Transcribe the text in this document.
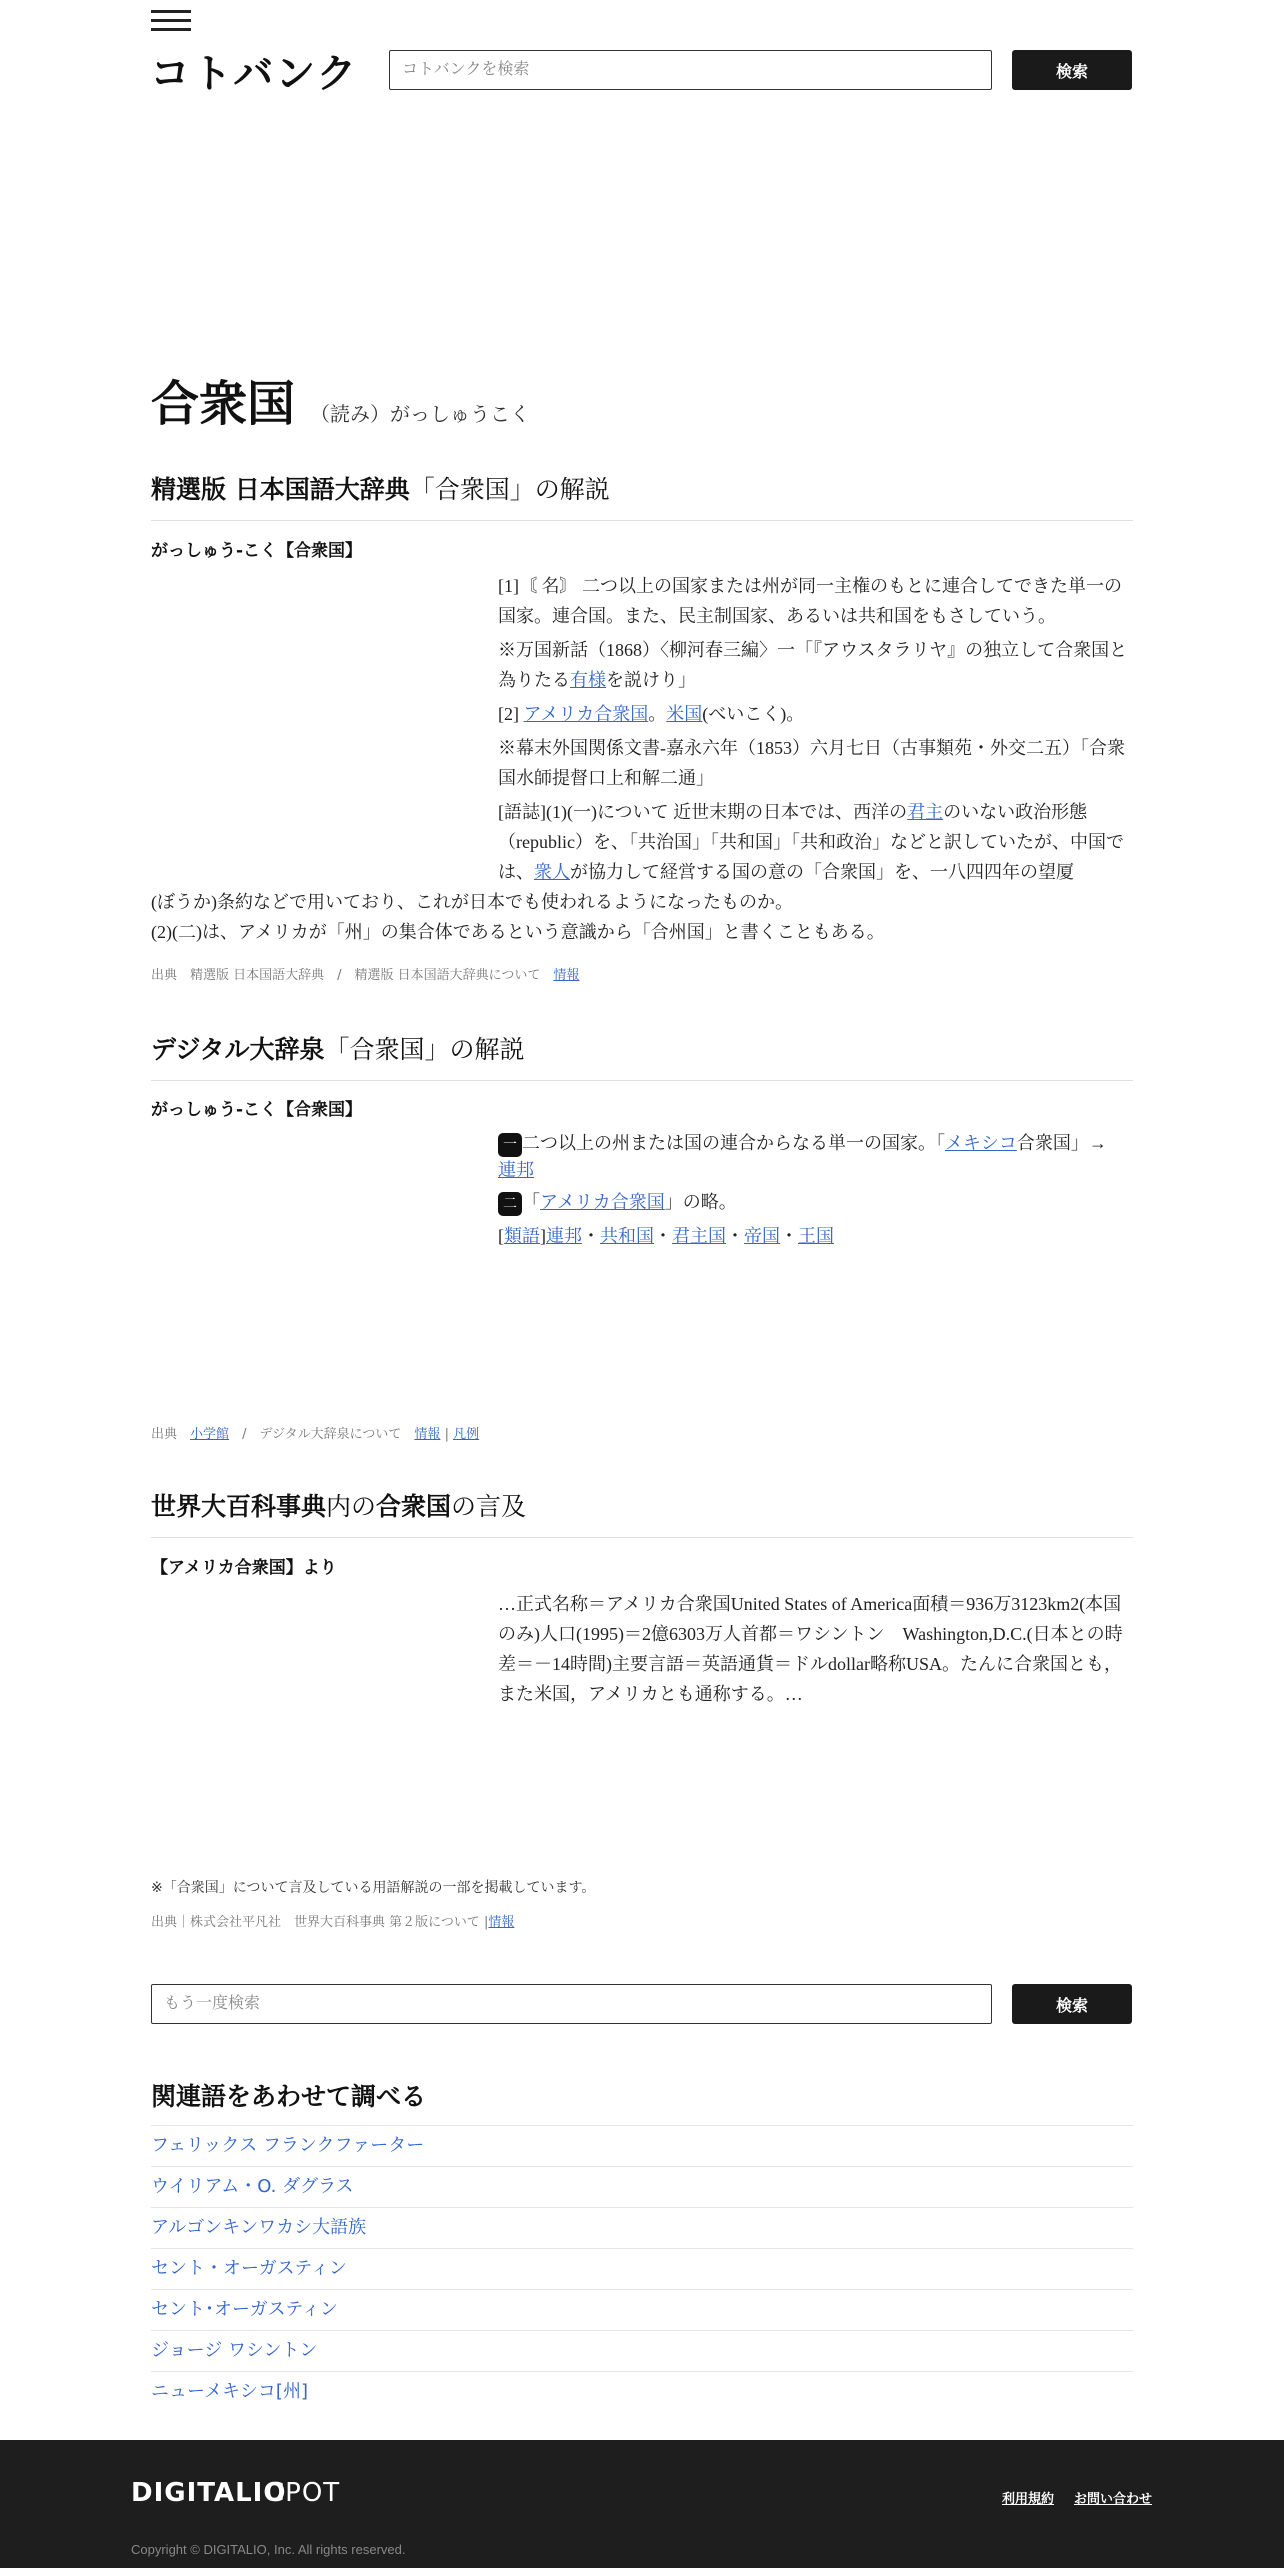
コトバンク
コトバンクを検索	検索
合衆国 （読み）がっしゅうこく
精選版 日本国語大辞典「合衆国」の解説
がっしゅう‐こく【合衆国】

[1]〘 名〙 二つ以上の国家または州が同一主権のもとに連合してできた単一の国家。連合国。また、民主制国家、あるいは共和国をもさしていう。

※万国新話（1868）〈柳河春三編〉一「『アウスタラリヤ』の独立して合衆国と為りたる有様を説けり」

[2] アメリカ合衆国。米国(べいこく)。

※幕末外国関係文書‐嘉永六年（1853）六月七日（古事類苑・外交二五）「合衆国水師提督口上和解二通」

[語誌](1)(一)について 近世末期の日本では、西洋の君主のいない政治形態（republic）を、「共治国」「共和国」「共和政治」などと訳していたが、中国では、衆人が協力して経営する国の意の「合衆国」を、一八四四年の望厦

(ぼうか)条約などで用いており、これが日本でも使われるようになったものか。

(2)(二)は、アメリカが「州」の集合体であるという意識から「合州国」と書くこともある。

出典　精選版 日本国語大辞典　/　精選版 日本国語大辞典について　 情報
デジタル大辞泉「合衆国」の解説
がっしゅう‐こく【合衆国】

一 二つ以上の州または国の連合からなる単一の国家。「メキシコ合衆国」→
連邦

二 「アメリカ合衆国」の略。

[類語]連邦・共和国・君主国・帝国・王国

出典　 小学館　 /　デジタル大辞泉について　 情報 | 凡例
世界大百科事典内の合衆国の言及
【アメリカ合衆国】より
…正式名称＝アメリカ合衆国United States of America面積＝936万3123km2(本国のみ)人口(1995)＝2億6303万人首都＝ワシントン　Washington,D.C.(日本との時差＝－14時間)主要言語＝英語通貨＝ドルdollar略称USA。たんに合衆国とも，また米国，アメリカとも通称する。…
※「合衆国」について言及している用語解説の一部を掲載しています。
出典｜株式会社平凡社　世界大百科事典 第２版について |情報
もう一度検索
検索
関連語をあわせて調べる
フェリックス フランクファーター
ウイリアム・O. ダグラス
アルゴンキンワカシ大語族
セント・オーガスティン
セント･オーガスティン
ジョージ ワシントン
ニューメキシコ[州]
DIGITALIO
CPOT	利用規約 お問い合わせ
Copyright © DIGITALIO, Inc. All rights reserved.
